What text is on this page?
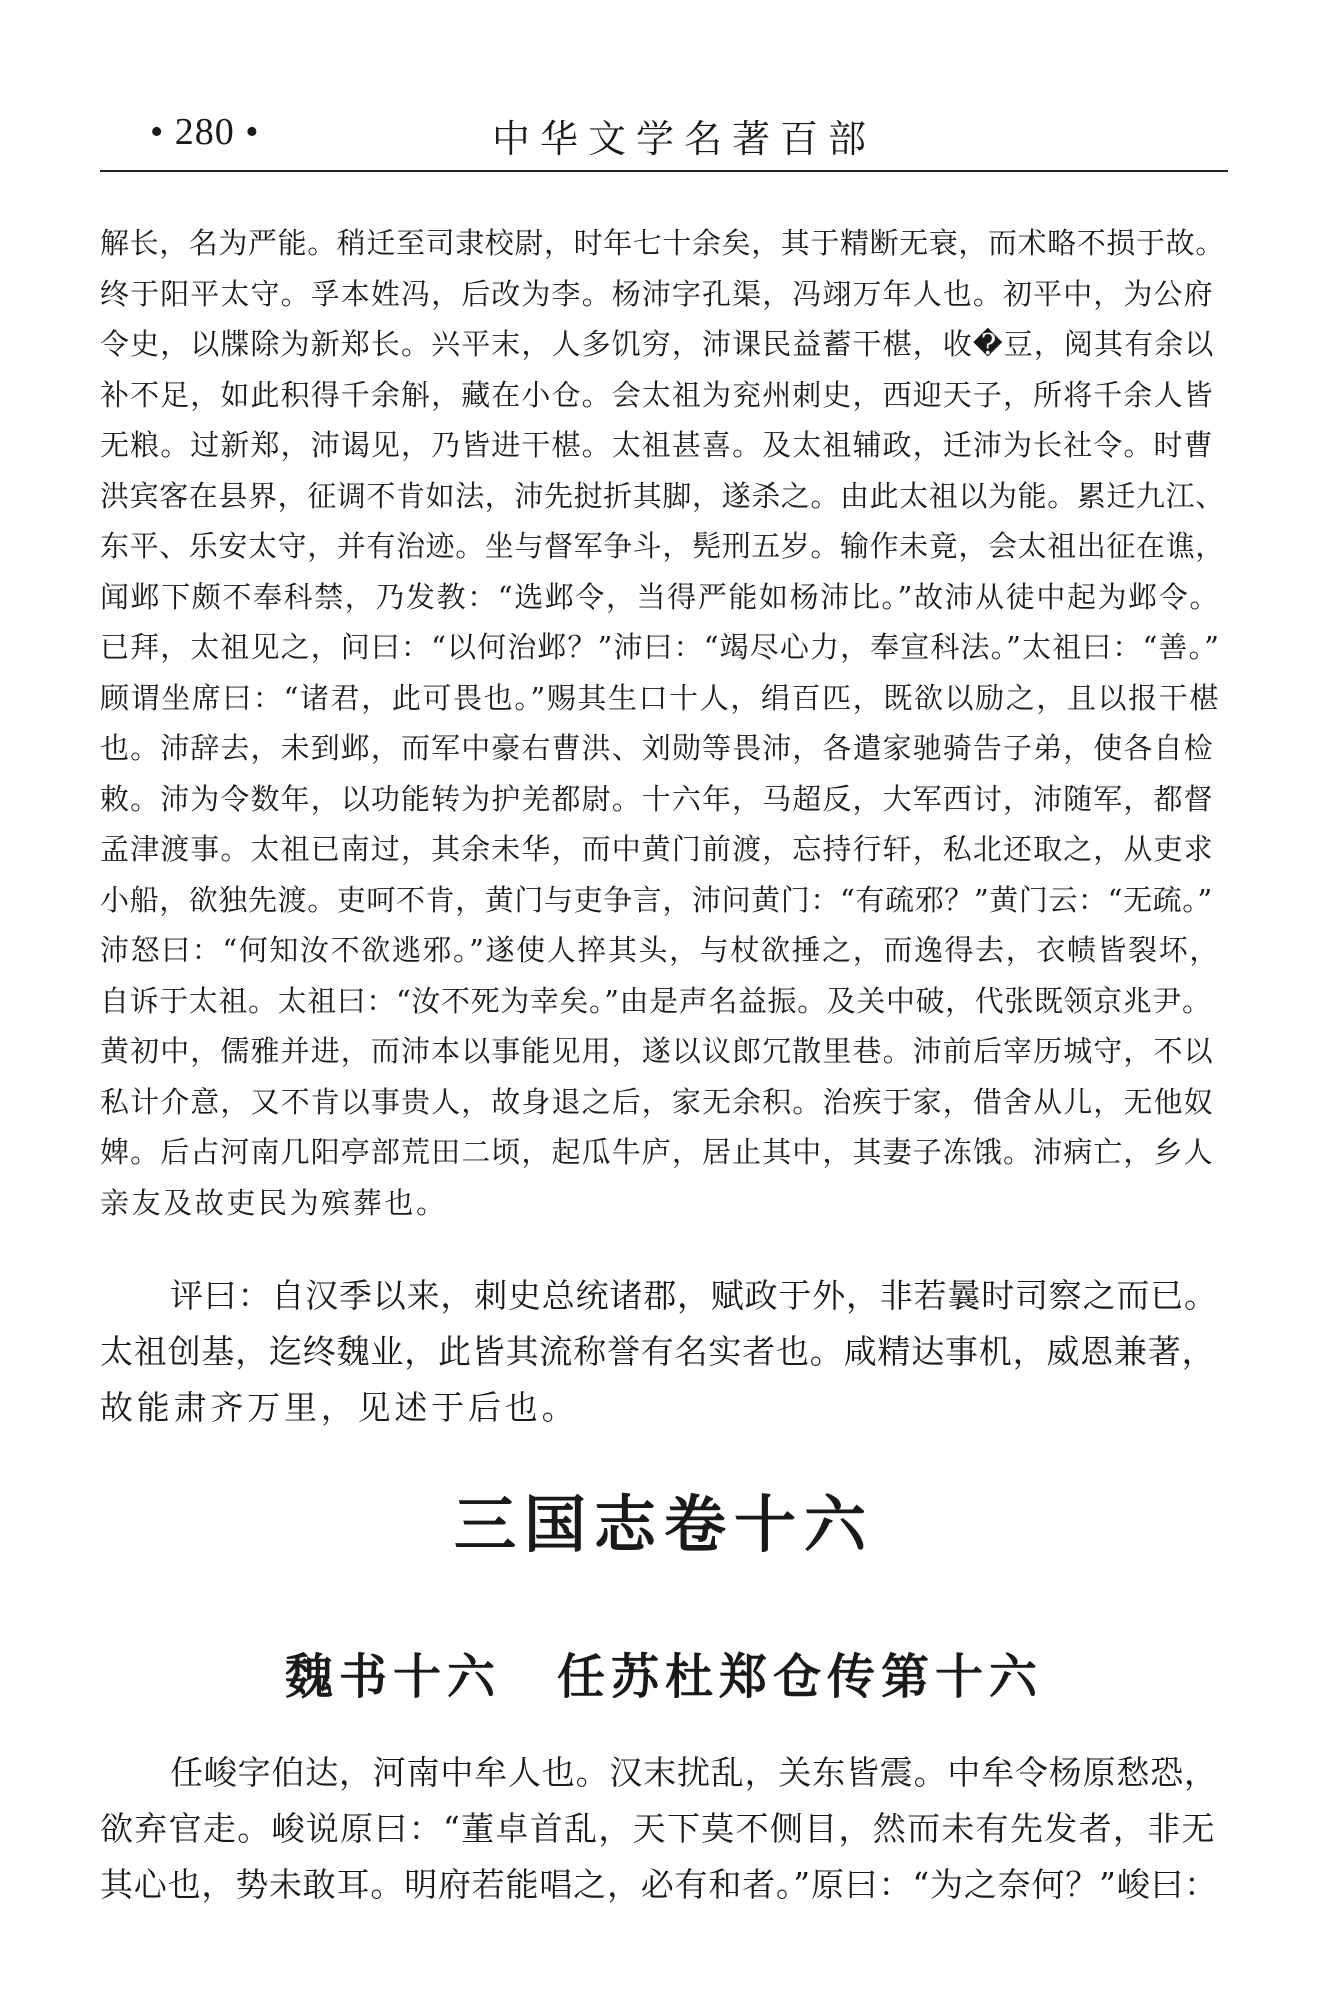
• 280 •	中华文学名著百部
解长，名为严能。稍迁至司隶校尉，时年七十余矣，其于精断无衰，而术略不损于故。
终于阳平太守。孚本姓冯，后改为李。杨沛字孔渠，冯翊万年人也。初平中，为公府
令史，以牒除为新郑长。兴平末，人多饥穷，沛课民益蓄干椹，收�豆，阅其有余以
补不足，如此积得千余斛，藏在小仓。会太祖为兖州刺史，西迎天子，所将千余人皆
无粮。过新郑，沛谒见，乃皆进干椹。太祖甚喜。及太祖辅政，迁沛为长社令。时曹
洪宾客在县界，征调不肯如法，沛先挝折其脚，遂杀之。由此太祖以为能。累迁九江、
东平、乐安太守，并有治迹。坐与督军争斗，髡刑五岁。输作未竟，会太祖出征在谯，
闻邺下颇不奉科禁，乃发教：“选邺令，当得严能如杨沛比。”故沛从徒中起为邺令。
已拜，太祖见之，问曰：“以何治邺？”沛曰：“竭尽心力，奉宣科法。”太祖曰：“善。”
顾谓坐席曰：“诸君，此可畏也。”赐其生口十人，绢百匹，既欲以励之，且以报干椹
也。沛辞去，未到邺，而军中豪右曹洪、刘勋等畏沛，各遣家驰骑告子弟，使各自检
敕。沛为令数年，以功能转为护羌都尉。十六年，马超反，大军西讨，沛随军，都督
孟津渡事。太祖已南过，其余未华，而中黄门前渡，忘持行轩，私北还取之，从吏求
小船，欲独先渡。吏呵不肯，黄门与吏争言，沛问黄门：“有疏邪？”黄门云：“无疏。”
沛怒曰：“何知汝不欲逃邪。”遂使人捽其头，与杖欲捶之，而逸得去，衣帻皆裂坏，
自诉于太祖。太祖曰：“汝不死为幸矣。”由是声名益振。及关中破，代张既领京兆尹。
黄初中，儒雅并进，而沛本以事能见用，遂以议郎冗散里巷。沛前后宰历城守，不以
私计介意，又不肯以事贵人，故身退之后，家无余积。治疾于家，借舍从儿，无他奴
婢。后占河南几阳亭部荒田二顷，起瓜牛庐，居止其中，其妻子冻饿。沛病亡，乡人
亲友及故吏民为殡葬也。
评曰：自汉季以来，刺史总统诸郡，赋政于外，非若曩时司察之而已。
太祖创基，迄终魏业，此皆其流称誉有名实者也。咸精达事机，威恩兼著，
故能肃齐万里，见述于后也。
三国志卷十六
魏书十六 任苏杜郑仓传第十六
任峻字伯达，河南中牟人也。汉末扰乱，关东皆震。中牟令杨原愁恐，
欲弃官走。峻说原曰：“董卓首乱，天下莫不侧目，然而未有先发者，非无
其心也，势未敢耳。明府若能唱之，必有和者。”原曰：“为之奈何？”峻曰：
